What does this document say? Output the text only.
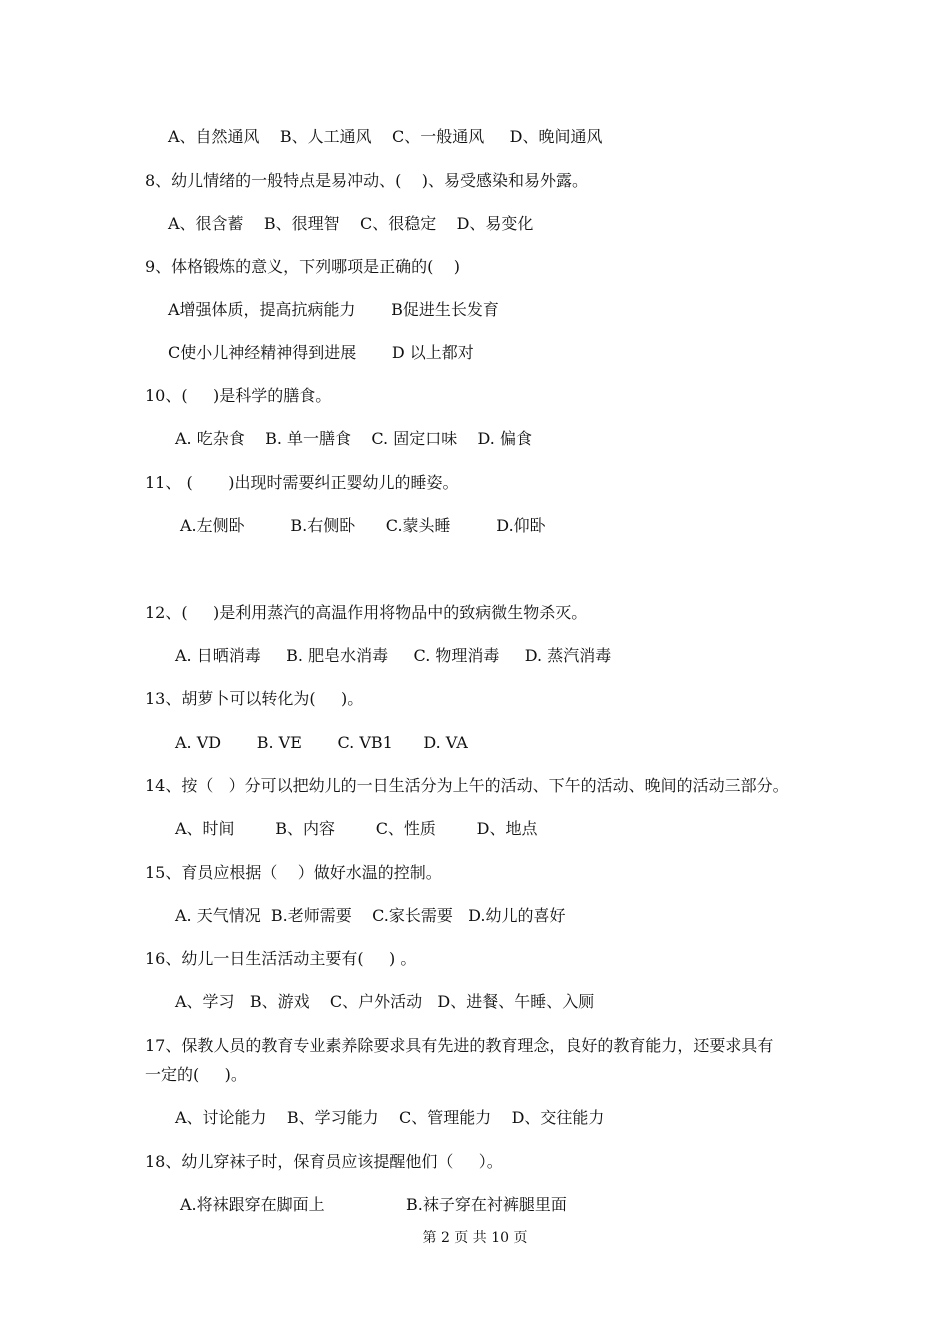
A、自然通风    B、人工通风    C、一般通风     D、晚间通风

8、幼儿情绪的一般特点是易冲动、(    )、易受感染和易外露。

A、很含蓄    B、很理智    C、很稳定    D、易变化

9、体格锻炼的意义，下列哪项是正确的(    )

A增强体质，提高抗病能力       B促进生长发育

C使小儿神经精神得到进展       D 以上都对

10、(     )是科学的膳食。

A. 吃杂食    B. 单一膳食    C. 固定口味    D. 偏食

11、 (       )出现时需要纠正婴幼儿的睡姿。

A.左侧卧         B.右侧卧      C.蒙头睡         D.仰卧

12、(     )是利用蒸汽的高温作用将物品中的致病微生物杀灭。

A. 日晒消毒     B. 肥皂水消毒     C. 物理消毒     D. 蒸汽消毒

13、胡萝卜可以转化为(     )。

A. VD       B. VE       C. VB1      D. VA

14、按（   ）分可以把幼儿的一日生活分为上午的活动、下午的活动、晚间的活动三部分。

A、时间        B、内容        C、性质        D、地点

15、育员应根据（    ）做好水温的控制。

A. 天气情况  B.老师需要    C.家长需要   D.幼儿的喜好

16、幼儿一日生活活动主要有(     ) 。

A、学习   B、游戏    C、户外活动   D、进餐、午睡、入厕

17、保教人员的教育专业素养除要求具有先进的教育理念，良好的教育能力，还要求具有

一定的(     )。

A、讨论能力    B、学习能力    C、管理能力    D、交往能力

18、幼儿穿袜子时，保育员应该提醒他们（     ）。

A.将袜跟穿在脚面上                B.袜子穿在衬裤腿里面

第 2 页 共 10 页
